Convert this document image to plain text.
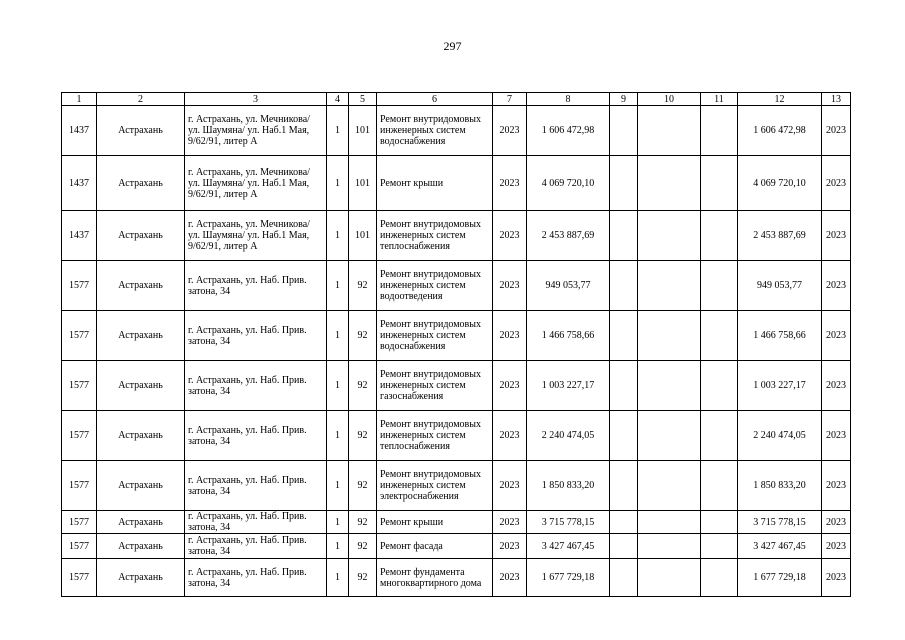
297
1	2	3	4	5	6	7	8	9	10	11	12	13
1437	Астрахань	г. Астрахань, ул. Мечникова/ ул. Шаумяна/ ул. Наб.1 Мая, 9/62/91, литер А	1	101	Ремонт внутридомовых инженерных систем водоснабжения	2023	1 606 472,98				1 606 472,98	2023
1437	Астрахань	г. Астрахань, ул. Мечникова/ ул. Шаумяна/ ул. Наб.1 Мая, 9/62/91, литер А	1	101	Ремонт крыши	2023	4 069 720,10				4 069 720,10	2023
1437	Астрахань	г. Астрахань, ул. Мечникова/ ул. Шаумяна/ ул. Наб.1 Мая, 9/62/91, литер А	1	101	Ремонт внутридомовых инженерных систем теплоснабжения	2023	2 453 887,69				2 453 887,69	2023
1577	Астрахань	г. Астрахань, ул. Наб. Прив. затона, 34	1	92	Ремонт внутридомовых инженерных систем водоотведения	2023	949 053,77				949 053,77	2023
1577	Астрахань	г. Астрахань, ул. Наб. Прив. затона, 34	1	92	Ремонт внутридомовых инженерных систем водоснабжения	2023	1 466 758,66				1 466 758,66	2023
1577	Астрахань	г. Астрахань, ул. Наб. Прив. затона, 34	1	92	Ремонт внутридомовых инженерных систем газоснабжения	2023	1 003 227,17				1 003 227,17	2023
1577	Астрахань	г. Астрахань, ул. Наб. Прив. затона, 34	1	92	Ремонт внутридомовых инженерных систем теплоснабжения	2023	2 240 474,05				2 240 474,05	2023
1577	Астрахань	г. Астрахань, ул. Наб. Прив. затона, 34	1	92	Ремонт внутридомовых инженерных систем электроснабжения	2023	1 850 833,20				1 850 833,20	2023
1577	Астрахань	г. Астрахань, ул. Наб. Прив. затона, 34	1	92	Ремонт крыши	2023	3 715 778,15				3 715 778,15	2023
1577	Астрахань	г. Астрахань, ул. Наб. Прив. затона, 34	1	92	Ремонт фасада	2023	3 427 467,45				3 427 467,45	2023
1577	Астрахань	г. Астрахань, ул. Наб. Прив. затона, 34	1	92	Ремонт фундамента многоквартирного дома	2023	1 677 729,18				1 677 729,18	2023
